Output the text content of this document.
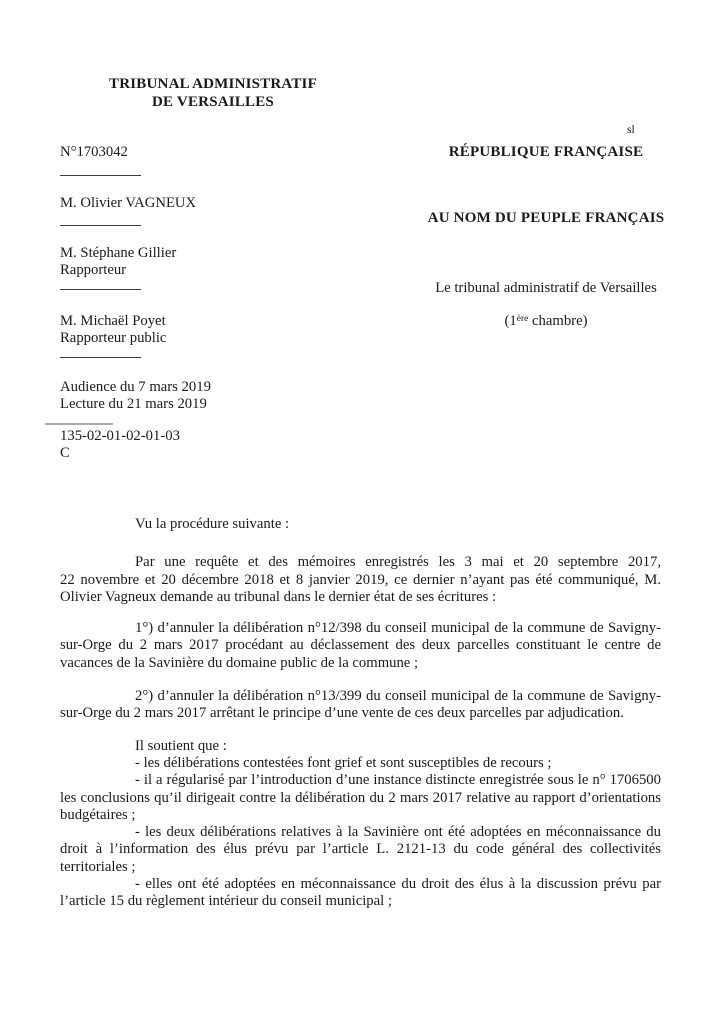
TRIBUNAL ADMINISTRATIF
DE VERSAILLES
sl
RÉPUBLIQUE FRANÇAISE
AU NOM DU PEUPLE FRANÇAIS
Le tribunal administratif de Versailles
(1ère chambre)
N°1703042
M. Olivier VAGNEUX
M. Stéphane Gillier
Rapporteur
M. Michaël Poyet
Rapporteur public
Audience du 7 mars 2019
Lecture du 21 mars 2019
135-02-01-02-01-03
C

Vu la procédure suivante :

Par une requête et des mémoires enregistrés les 3 mai et 20 septembre 2017, 22 novembre et 20 décembre 2018 et 8 janvier 2019, ce dernier n’ayant pas été communiqué, M. Olivier Vagneux demande au tribunal dans le dernier état de ses écritures :

1°) d’annuler la délibération n°12/398 du conseil municipal de la commune de Savigny-sur-Orge du 2 mars 2017 procédant au déclassement des deux parcelles constituant le centre de vacances de la Savinière du domaine public de la commune ;

2°) d’annuler la délibération n°13/399 du conseil municipal de la commune de Savigny-sur-Orge du 2 mars 2017 arrêtant le principe d’une vente de ces deux parcelles par adjudication.

Il soutient que :

- les délibérations contestées font grief et sont susceptibles de recours ;

- il a régularisé par l’introduction d’une instance distincte enregistrée sous le n° 1706500 les conclusions qu’il dirigeait contre la délibération du 2 mars 2017 relative au rapport d’orientations budgétaires ;

- les deux délibérations relatives à la Savinière ont été adoptées en méconnaissance du droit à l’information des élus prévu par l’article L. 2121-13 du code général des collectivités territoriales ;

- elles ont été adoptées en méconnaissance du droit des élus à la discussion prévu par l’article 15 du règlement intérieur du conseil municipal ;
